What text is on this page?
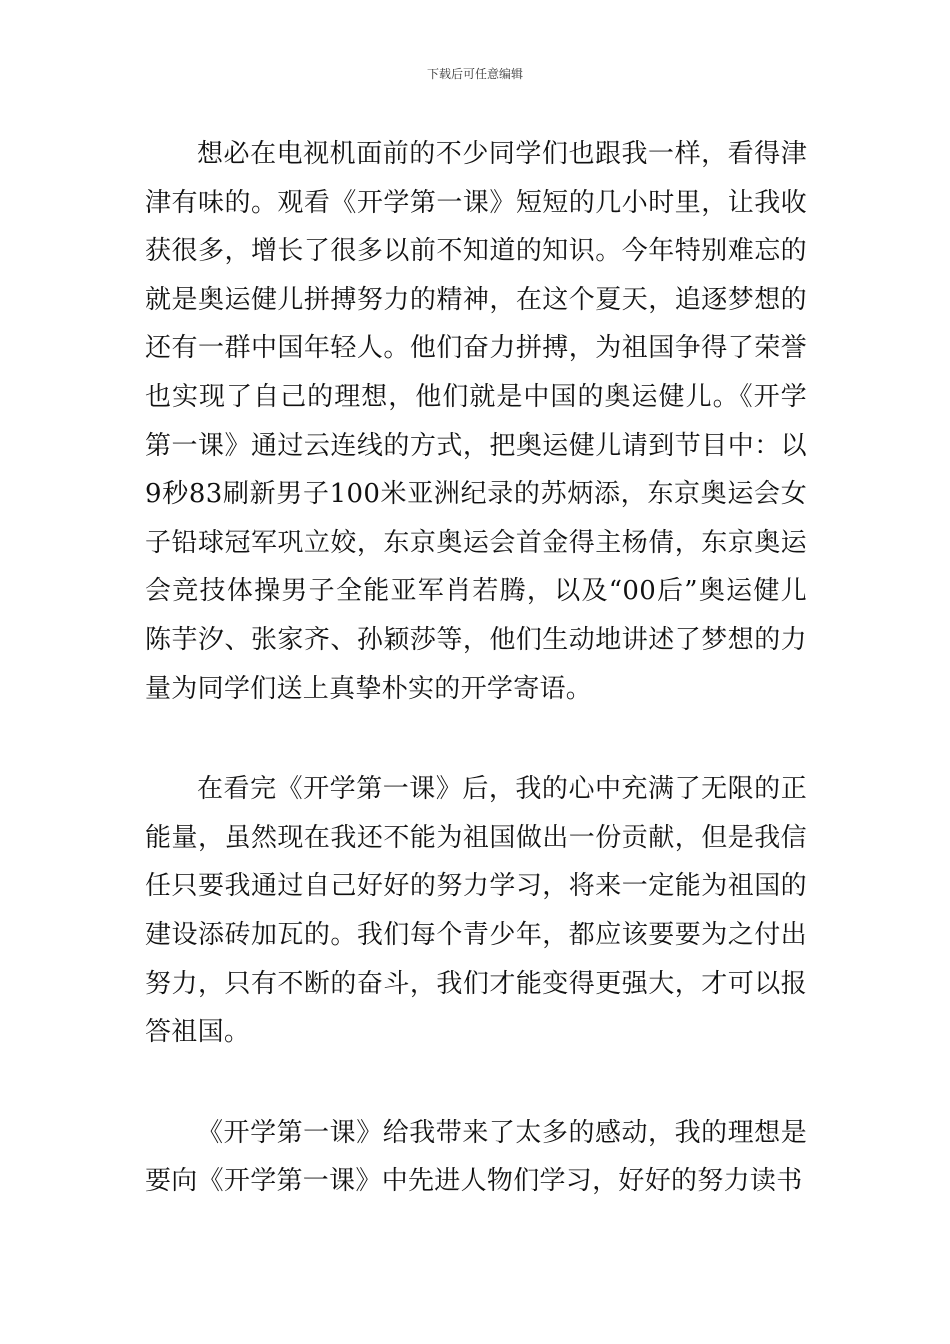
下载后可任意编辑

想必在电视机面前的不少同学们也跟我一样，看得津津有味的。观看《开学第一课》短短的几小时里，让我收获很多，增长了很多以前不知道的知识。今年特别难忘的就是奥运健儿拼搏努力的精神，在这个夏天，追逐梦想的还有一群中国年轻人。他们奋力拼搏，为祖国争得了荣誉也实现了自己的理想，他们就是中国的奥运健儿。《开学第一课》通过云连线的方式，把奥运健儿请到节目中：以9秒83刷新男子100米亚洲纪录的苏炳添，东京奥运会女子铅球冠军巩立姣，东京奥运会首金得主杨倩，东京奥运会竞技体操男子全能亚军肖若腾，以及“00后”奥运健儿陈芋汐、张家齐、孙颖莎等，他们生动地讲述了梦想的力量为同学们送上真挚朴实的开学寄语。

在看完《开学第一课》后，我的心中充满了无限的正能量，虽然现在我还不能为祖国做出一份贡献，但是我信任只要我通过自己好好的努力学习，将来一定能为祖国的建设添砖加瓦的。我们每个青少年，都应该要要为之付出努力，只有不断的奋斗，我们才能变得更强大，才可以报答祖国。

《开学第一课》给我带来了太多的感动，我的理想是要向《开学第一课》中先进人物们学习，好好的努力读书
